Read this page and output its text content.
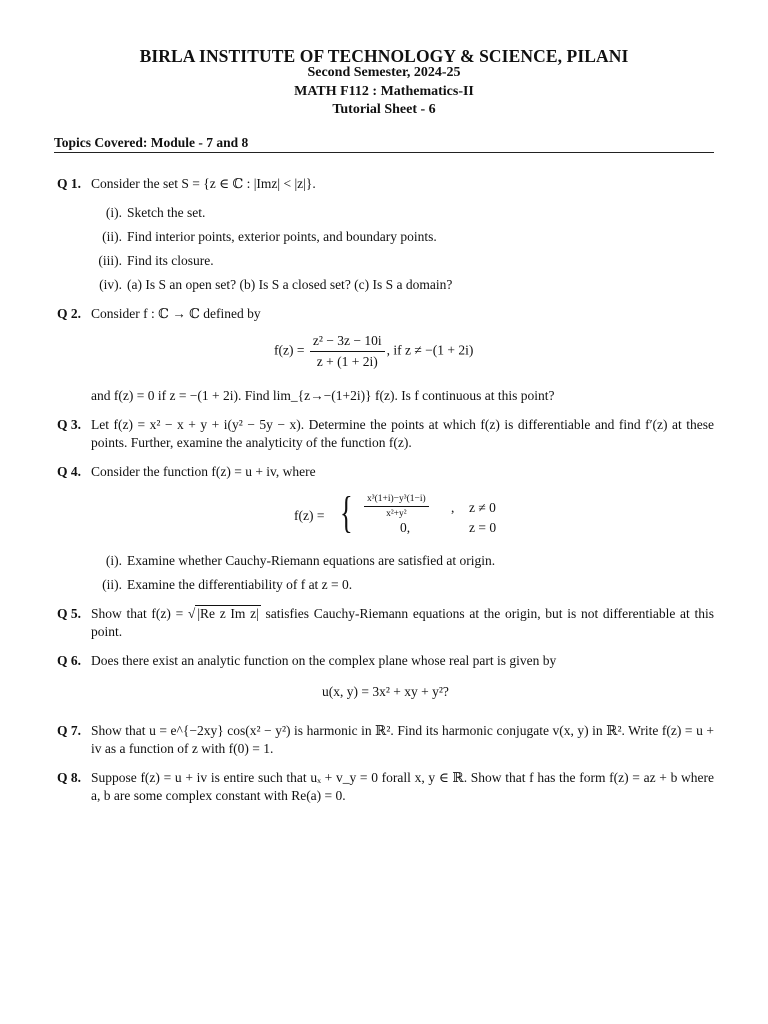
BIRLA INSTITUTE OF TECHNOLOGY & SCIENCE, PILANI
Second Semester, 2024-25
MATH F112 : Mathematics-II
Tutorial Sheet - 6
Topics Covered: Module - 7 and 8
Q 1. Consider the set S = {z ∈ ℂ : |Imz| < |z|}.
(i). Sketch the set.
(ii). Find interior points, exterior points, and boundary points.
(iii). Find its closure.
(iv). (a) Is S an open set? (b) Is S a closed set? (c) Is S a domain?
Q 2. Consider f : ℂ → ℂ defined by
$f(z) = \frac{\text{z² − 3z − 10i}}{z + (1 + 2i)}$ , if z ≠ −(1 + 2i)
and f(z) = 0 if z = −(1 + 2i). Find lim_{z→−(1+2i)} f(z). Is f continuous at this point?
Q 3. Let f(z) = x² − x + y + i(y² − 5y − x). Determine the points at which f(z) is differentiable and find f′(z) at these points. Further, examine the analyticity of the function f(z).
Q 4. Consider the function f(z) = u + iv, where
f(z) = { $\frac{\text{x³(1+i)−y³(1−i)}}{\text{x²+y²}}$ , z ≠ 0
0,	z = 0
(i). Examine whether Cauchy-Riemann equations are satisfied at origin.
(ii). Examine the differentiability of f at z = 0.
Q 5. Show that f(z) = √ |Re z Im z| satisfies Cauchy-Riemann equations at the origin, but is not differentiable at this point.
Q 6. Does there exist an analytic function on the complex plane whose real part is given by
u(x, y) = 3x² + xy + y²?
Q 7. Show that u = e^{−2xy} cos(x² − y²) is harmonic in ℝ². Find its harmonic conjugate v(x, y) in ℝ². Write f(z) = u + iv as a function of z with f(0) = 1.
Q 8. Suppose f(z) = u + iv is entire such that uₓ + v_y = 0 forall x, y ∈ ℝ. Show that f has the form f(z) = az + b where a, b are some complex constant with Re(a) = 0.
